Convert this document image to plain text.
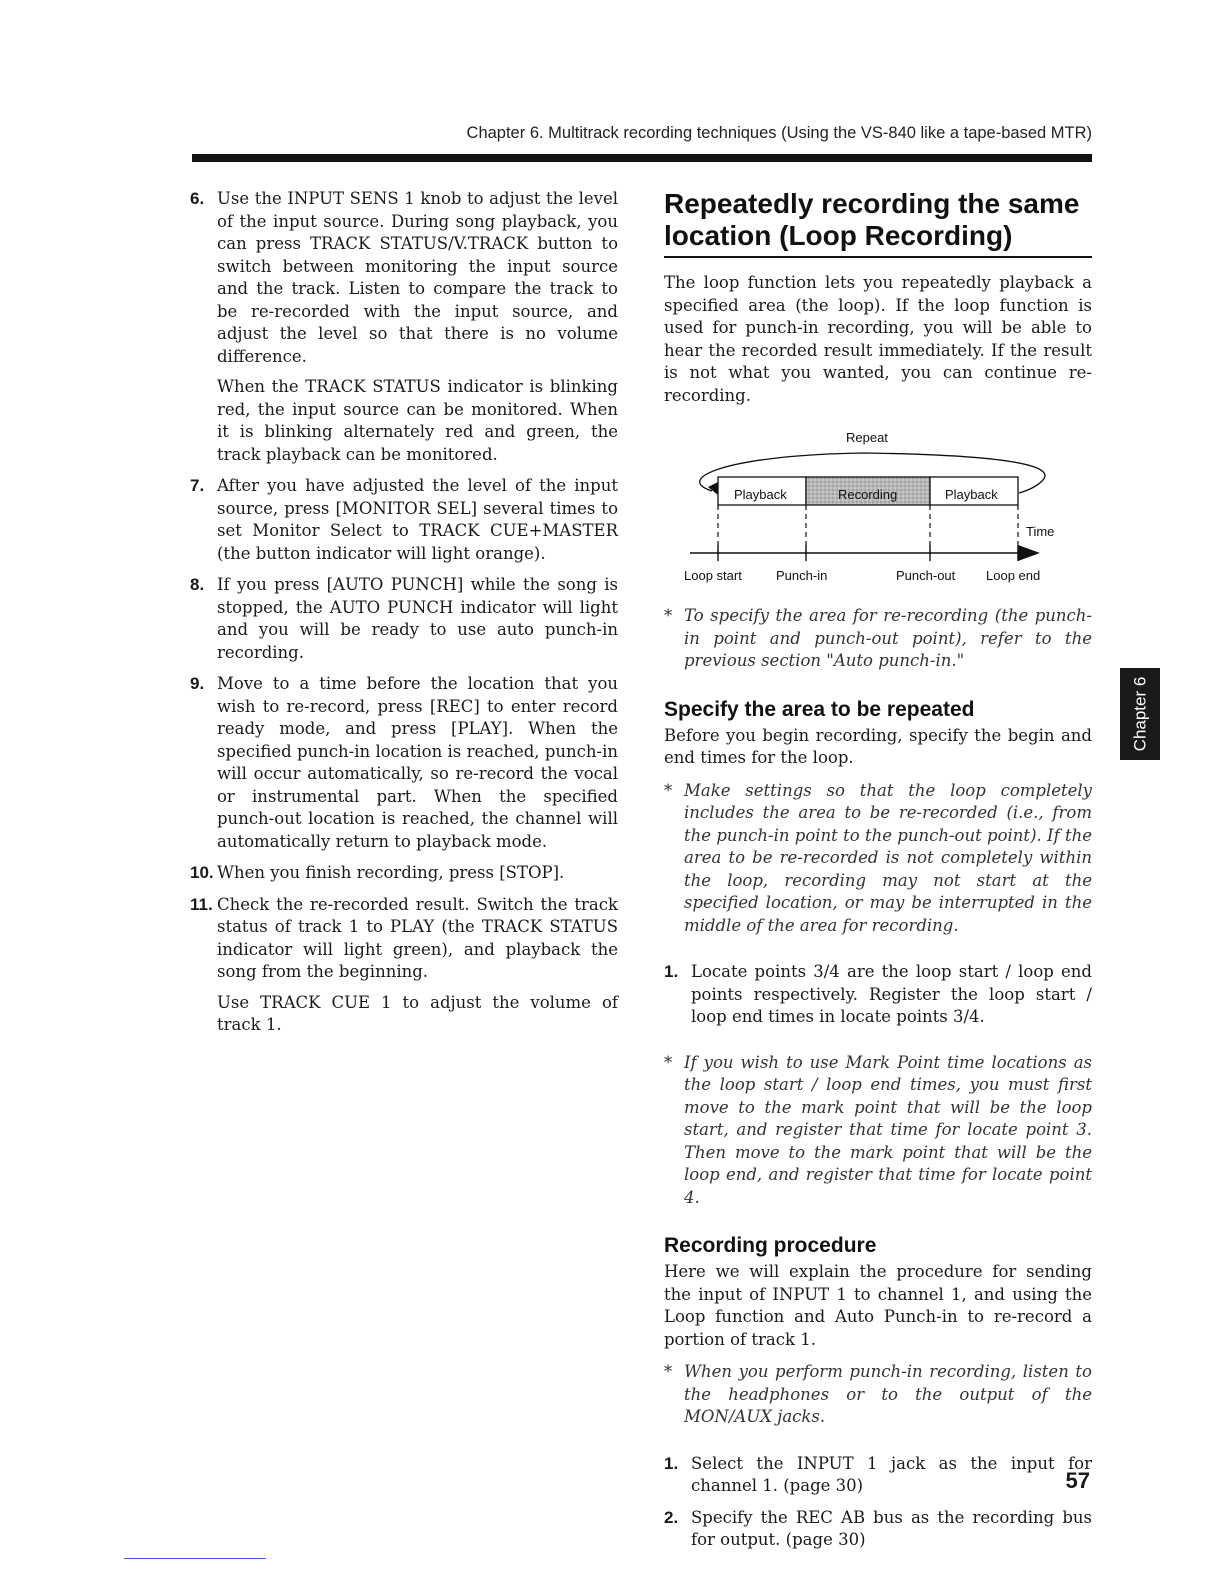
Chapter 6. Multitrack recording techniques (Using the VS-840 like a tape-based MTR)
6. Use the INPUT SENS 1 knob to adjust the level of the input source. During song playback, you can press TRACK STATUS/V.TRACK button to switch between monitoring the input source and the track. Listen to compare the track to be re-recorded with the input source, and adjust the level so that there is no volume difference.

When the TRACK STATUS indicator is blinking red, the input source can be monitored. When it is blinking alternately red and green, the track playback can be monitored.

7. After you have adjusted the level of the input source, press [MONITOR SEL] several times to set Monitor Select to TRACK CUE+MASTER (the button indicator will light orange).

8. If you press [AUTO PUNCH] while the song is stopped, the AUTO PUNCH indicator will light and you will be ready to use auto punch-in recording.

9. Move to a time before the location that you wish to re-record, press [REC] to enter record ready mode, and press [PLAY]. When the specified punch-in location is reached, punch-in will occur automatically, so re-record the vocal or instrumental part. When the specified punch-out location is reached, the channel will automatically return to playback mode.

10. When you finish recording, press [STOP].

11. Check the re-recorded result. Switch the track status of track 1 to PLAY (the TRACK STATUS indicator will light green), and playback the song from the beginning.

Use TRACK CUE 1 to adjust the volume of track 1.

Repeatedly recording the same location (Loop Recording)

The loop function lets you repeatedly playback a specified area (the loop). If the loop function is used for punch-in recording, you will be able to hear the recorded result immediately. If the result is not what you wanted, you can continue re-recording.

Repeat
Playback	Recording	Playback
Time
Loop start	Punch-in	Punch-out Loop end

* To specify the area for re-recording (the punch-in point and punch-out point), refer to the previous section "Auto punch-in."

Specify the area to be repeated

Before you begin recording, specify the begin and end times for the loop.

* Make settings so that the loop completely includes the area to be re-recorded (i.e., from the punch-in point to the punch-out point). If the area to be re-recorded is not completely within the loop, recording may not start at the specified location, or may be interrupted in the middle of the area for recording.

1. Locate points 3/4 are the loop start / loop end points respectively. Register the loop start / loop end times in locate points 3/4.

* If you wish to use Mark Point time locations as the loop start / loop end times, you must first move to the mark point that will be the loop start, and register that time for locate point 3. Then move to the mark point that will be the loop end, and register that time for locate point 4.

Recording procedure

Here we will explain the procedure for sending the input of INPUT 1 to channel 1, and using the Loop function and Auto Punch-in to re-record a portion of track 1.

* When you perform punch-in recording, listen to the headphones or to the output of the MON/AUX jacks.

1. Select the INPUT 1 jack as the input for channel 1. (page 30)

2. Specify the REC AB bus as the recording bus for output. (page 30)

Chapter 6
57
